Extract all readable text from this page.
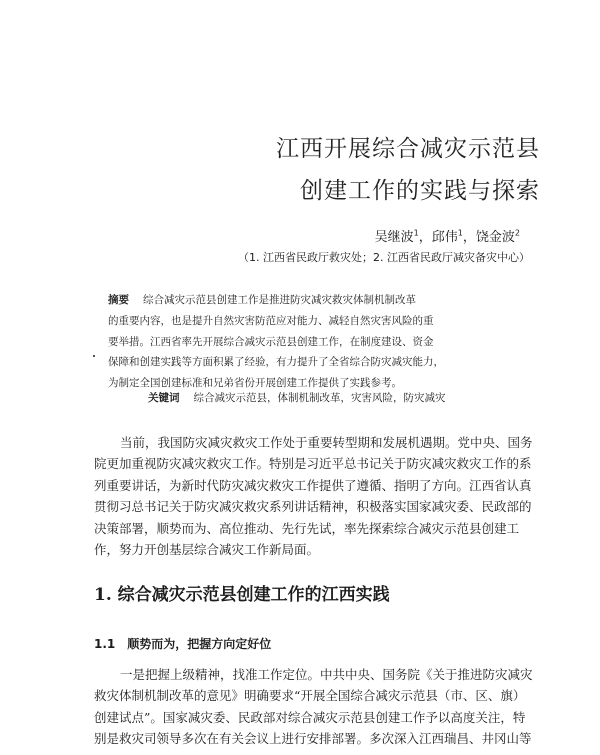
江西开展综合减灾示范县
创建工作的实践与探索
吴继波$^1$，邱伟$^1$，饶金波$^2$
（1. 江西省民政厅救灾处；2. 江西省民政厅减灾备灾中心）
摘要 综合减灾示范县创建工作是推进防灾减灾救灾体制机制改革
的重要内容，也是提升自然灾害防范应对能力、减轻自然灾害风险的重
要举措。江西省率先开展综合减灾示范县创建工作，在制度建设、资金
保障和创建实践等方面积累了经验，有力提升了全省综合防灾减灾能力，
为制定全国创建标准和兄弟省份开展创建工作提供了实践参考。
关键词 综合减灾示范县，体制机制改革，灾害风险，防灾减灾
当前，我国防灾减灾救灾工作处于重要转型期和发展机遇期。党中央、国务
院更加重视防灾减灾救灾工作。特别是习近平总书记关于防灾减灾救灾工作的系
列重要讲话，为新时代防灾减灾救灾工作提供了遵循、指明了方向。江西省认真
贯彻习总书记关于防灾减灾救灾系列讲话精神，积极落实国家减灾委、民政部的
决策部署，顺势而为、高位推动、先行先试，率先探索综合减灾示范县创建工
作，努力开创基层综合减灾工作新局面。
1. 综合减灾示范县创建工作的江西实践
1.1 顺势而为，把握方向定好位
一是把握上级精神，找准工作定位。中共中央、国务院《关于推进防灾减灾
救灾体制机制改革的意见》明确要求“开展全国综合减灾示范县（市、区、旗）
创建试点”。国家减灾委、民政部对综合减灾示范县创建工作予以高度关注，特
别是救灾司领导多次在有关会议上进行安排部署。多次深入江西瑞昌、井冈山等
